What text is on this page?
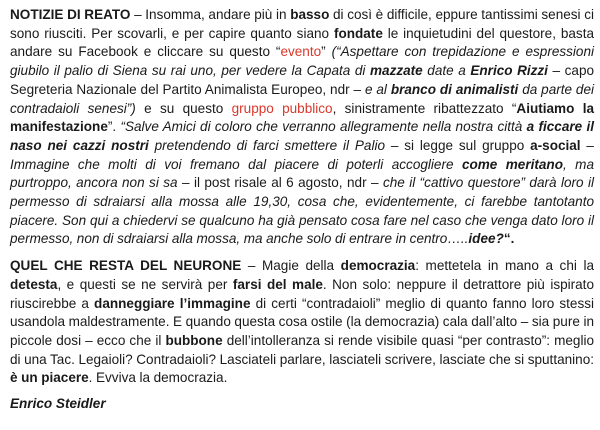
NOTIZIE DI REATO – Insomma, andare più in basso di così è difficile, eppure tantissimi senesi ci sono riusciti. Per scovarli, e per capire quanto siano fondate le inquietudini del questore, basta andare su Facebook e cliccare su questo “evento” (“Aspettare con trepidazione e espressioni giubilo il palio di Siena su rai uno, per vedere la Capata di mazzate date a Enrico Rizzi – capo Segreteria Nazionale del Partito Animalista Europeo, ndr – e al branco di animalisti da parte dei contradaioli senesi”) e su questo gruppo pubblico, sinistramente ribattezzato “Aiutiamo la manifestazione”. “Salve Amici di coloro che verranno allegramente nella nostra città a ficcare il naso nei cazzi nostri pretendendo di farci smettere il Palio – si legge sul gruppo a-social – Immagine che molti di voi fremano dal piacere di poterli accogliere come meritano, ma purtroppo, ancora non si sa – il post risale al 6 agosto, ndr – che il “cattivo questore” darà loro il permesso di sdraiarsi alla mossa alle 19,30, cosa che, evidentemente, ci farebbe tantotanto piacere. Son qui a chiedervi se qualcuno ha già pensato cosa fare nel caso che venga dato loro il permesso, non di sdraiarsi alla mossa, ma anche solo di entrare in centro…..idee?“.

QUEL CHE RESTA DEL NEURONE – Magie della democrazia: mettetela in mano a chi la detesta, e questi se ne servirà per farsi del male. Non solo: neppure il detrattore più ispirato riuscirebbe a danneggiare l’immagine di certi “contradaioli” meglio di quanto fanno loro stessi usandola maldestramente. E quando questa cosa ostile (la democrazia) cala dall’alto – sia pure in piccole dosi – ecco che il bubbone dell’intolleranza si rende visibile quasi “per contrasto”: meglio di una Tac. Legaioli? Contradaioli? Lasciateli parlare, lasciateli scrivere, lasciate che si sputtanino: è un piacere. Evviva la democrazia.

Enrico Steidler
